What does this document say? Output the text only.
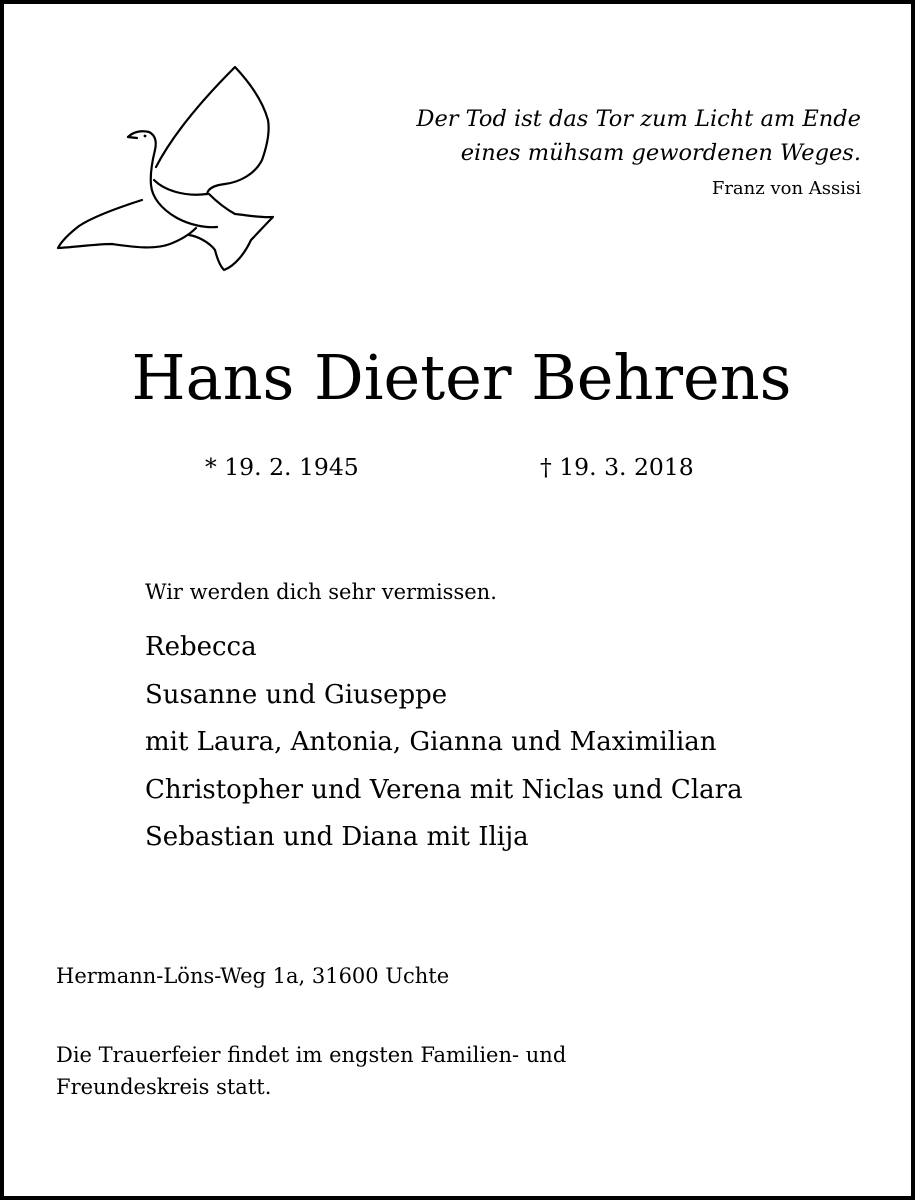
Der Tod ist das Tor zum Licht am Ende
eines mühsam gewordenen Weges.
Franz von Assisi
Hans Dieter Behrens
* 19. 2. 1945	† 19. 3. 2018
Wir werden dich sehr vermissen.
Rebecca
Susanne und Giuseppe
mit Laura, Antonia, Gianna und Maximilian
Christopher und Verena mit Niclas und Clara
Sebastian und Diana mit Ilija
Hermann-Löns-Weg 1a, 31600 Uchte
Die Trauerfeier findet im engsten Familien- und
Freundeskreis statt.
